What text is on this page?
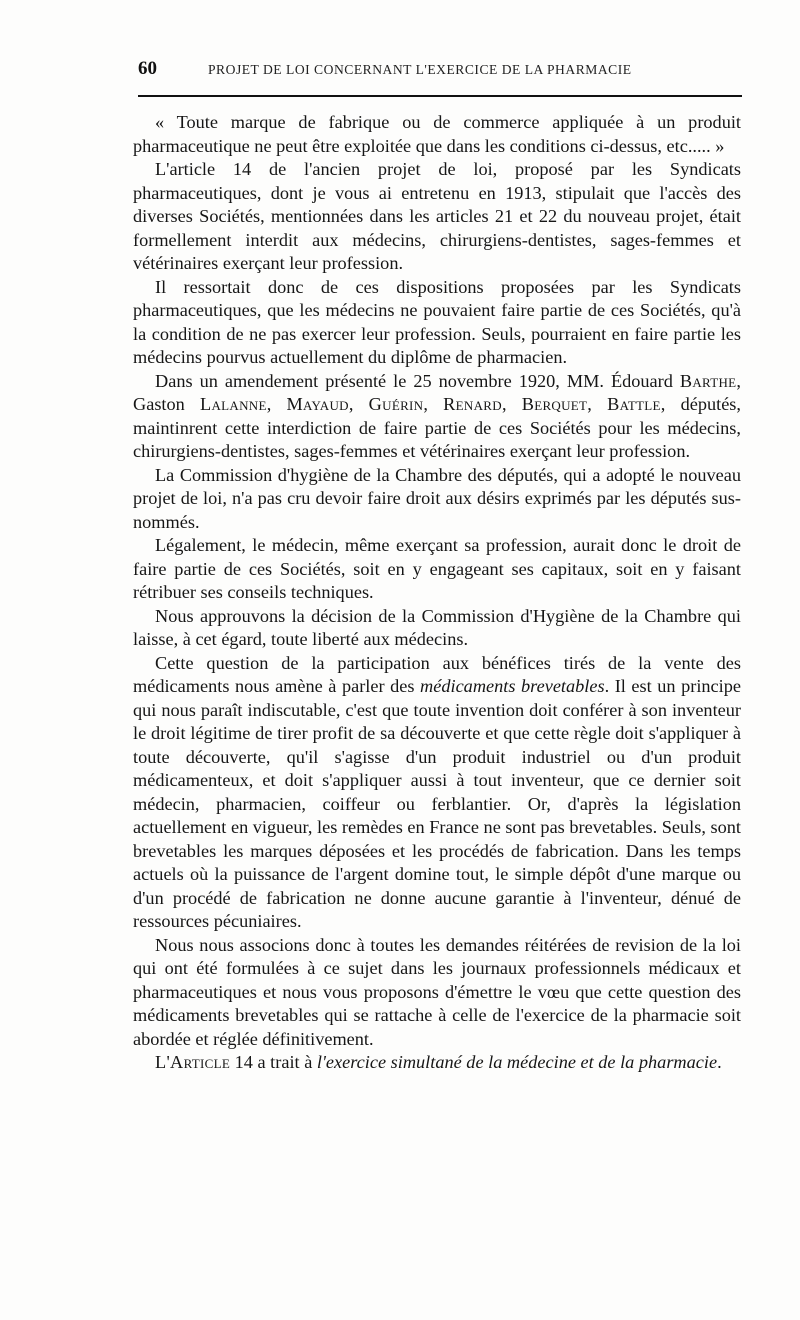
60	PROJET DE LOI CONCERNANT L'EXERCICE DE LA PHARMACIE

« Toute marque de fabrique ou de commerce appliquée à un produit pharmaceutique ne peut être exploitée que dans les conditions ci-dessus, etc..... »

L'article 14 de l'ancien projet de loi, proposé par les Syndicats pharmaceutiques, dont je vous ai entretenu en 1913, stipulait que l'accès des diverses Sociétés, mentionnées dans les articles 21 et 22 du nouveau projet, était formellement interdit aux médecins, chirurgiens-dentistes, sages-femmes et vétérinaires exerçant leur profession.

Il ressortait donc de ces dispositions proposées par les Syndicats pharmaceutiques, que les médecins ne pouvaient faire partie de ces Sociétés, qu'à la condition de ne pas exercer leur profession. Seuls, pourraient en faire partie les médecins pourvus actuellement du diplôme de pharmacien.

Dans un amendement présenté le 25 novembre 1920, MM. Édouard Barthe, Gaston Lalanne, Mayaud, Guérin, Renard, Berquet, Battle, députés, maintinrent cette interdiction de faire partie de ces Sociétés pour les médecins, chirurgiens-dentistes, sages-femmes et vétérinaires exerçant leur profession.

La Commission d'hygiène de la Chambre des députés, qui a adopté le nouveau projet de loi, n'a pas cru devoir faire droit aux désirs exprimés par les députés sus-nommés.

Légalement, le médecin, même exerçant sa profession, aurait donc le droit de faire partie de ces Sociétés, soit en y engageant ses capitaux, soit en y faisant rétribuer ses conseils techniques.

Nous approuvons la décision de la Commission d'Hygiène de la Chambre qui laisse, à cet égard, toute liberté aux médecins.

Cette question de la participation aux bénéfices tirés de la vente des médicaments nous amène à parler des médicaments brevetables. Il est un principe qui nous paraît indiscutable, c'est que toute invention doit conférer à son inventeur le droit légitime de tirer profit de sa découverte et que cette règle doit s'appliquer à toute découverte, qu'il s'agisse d'un produit industriel ou d'un produit médicamenteux, et doit s'appliquer aussi à tout inventeur, que ce dernier soit médecin, pharmacien, coiffeur ou ferblantier. Or, d'après la législation actuellement en vigueur, les remèdes en France ne sont pas brevetables. Seuls, sont brevetables les marques déposées et les procédés de fabrication. Dans les temps actuels où la puissance de l'argent domine tout, le simple dépôt d'une marque ou d'un procédé de fabrication ne donne aucune garantie à l'inventeur, dénué de ressources pécuniaires.

Nous nous associons donc à toutes les demandes réitérées de revision de la loi qui ont été formulées à ce sujet dans les journaux professionnels médicaux et pharmaceutiques et nous vous proposons d'émettre le vœu que cette question des médicaments brevetables qui se rattache à celle de l'exercice de la pharmacie soit abordée et réglée définitivement.

L'Article 14 a trait à l'exercice simultané de la médecine et de la pharmacie.
